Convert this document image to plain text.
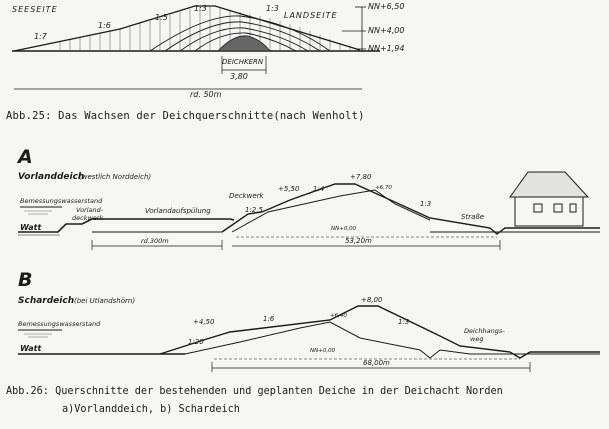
SEESEITE
LANDSEITE
1:7
1:6
1:5
1:3	1:3	NN+6,50
NN+4,00
NN+1,94
DEICHKERN
3,80
rd. 50m
Abb.25: Das Wachsen der Deichquerschnitte(nach Wenholt)
A
Vorlanddeich
(westlich Norddeich)
Bemessungswasserstand
Vorland-
deckwerk
Vorlandaufspülung
Watt
Deckwerk
1:2,5
+5,50 1:4
+7,80
+6,70
1:3
Straße
NN+0,00
rd.300m	53,20m
B
Schardeich (bei Utlandshörn)
Bemessungswasserstand
Watt
1:20
+4,50	1:6
+8,00
+6,40
1:3
Deichhangs-
weg
NN+0,00
68,00m
Abb.26: Querschnitte der bestehenden und geplanten Deiche in der Deichacht Norden
a)Vorlanddeich, b) Schardeich
